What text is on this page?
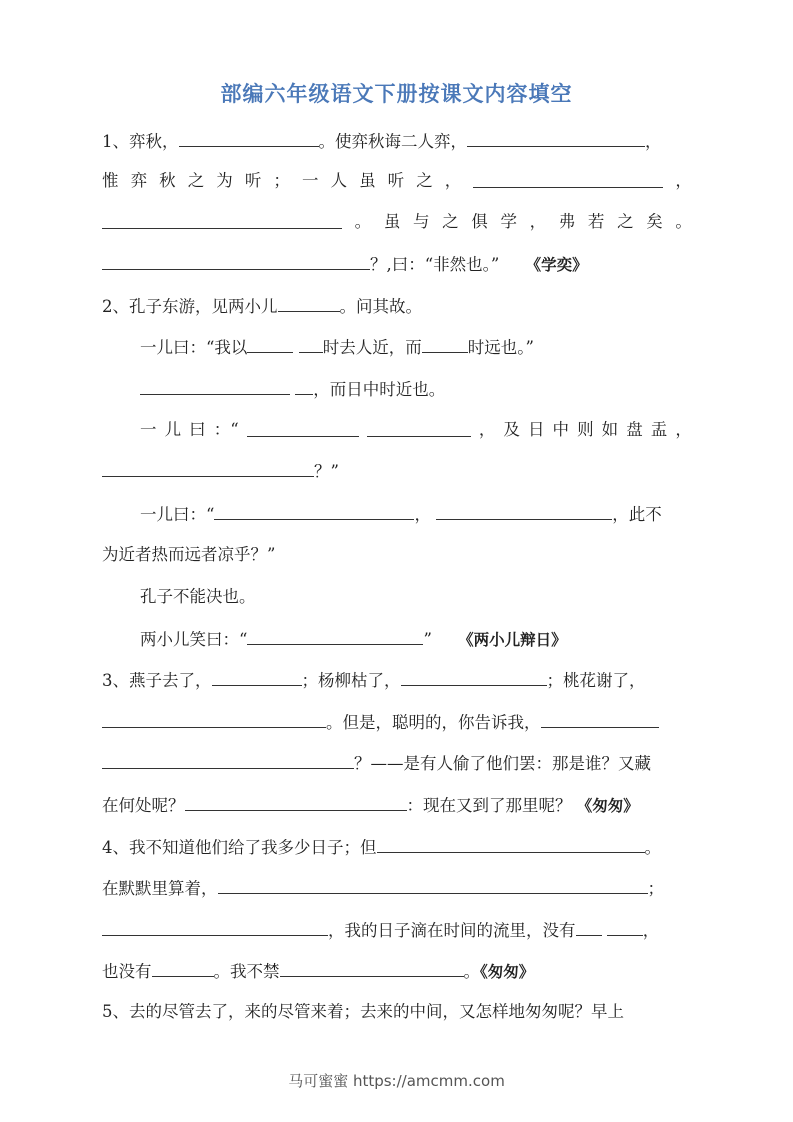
部编六年级语文下册按课文内容填空
1、弈秋，	。使弈秋诲二人弈，	，
惟 弈 秋 之 为 听 ； 一 人 虽 听 之 ，	，
。 虽 与 之 俱 学 ， 弗 若 之 矣 。
？,曰：“非然也。” 《学奕》
2、孔子东游，见两小儿	。问其故。
一儿曰：“我以	时去人近，而	时远也。”
，而日中时近也。
一 儿 曰 ：“	， 及 日 中 则 如 盘 盂 ，
？”
一儿曰：“	，	，此不
为近者热而远者凉乎？”
孔子不能决也。
两小儿笑曰：“	” 《两小儿辩日》
3、燕子去了，	；杨柳枯了，	；桃花谢了，
。但是，聪明的，你告诉我，
？——是有人偷了他们罢：那是谁？又藏
在何处呢？	：现在又到了那里呢？ 《匆匆》
4、我不知道他们给了我多少日子；但	。
在默默里算着，	；
，我的日子滴在时间的流里，没有	，
也没有	。我不禁	。《匆匆》
5、去的尽管去了，来的尽管来着；去来的中间，又怎样地匆匆呢？早上
马可蜜蜜 https://amcmm.com
